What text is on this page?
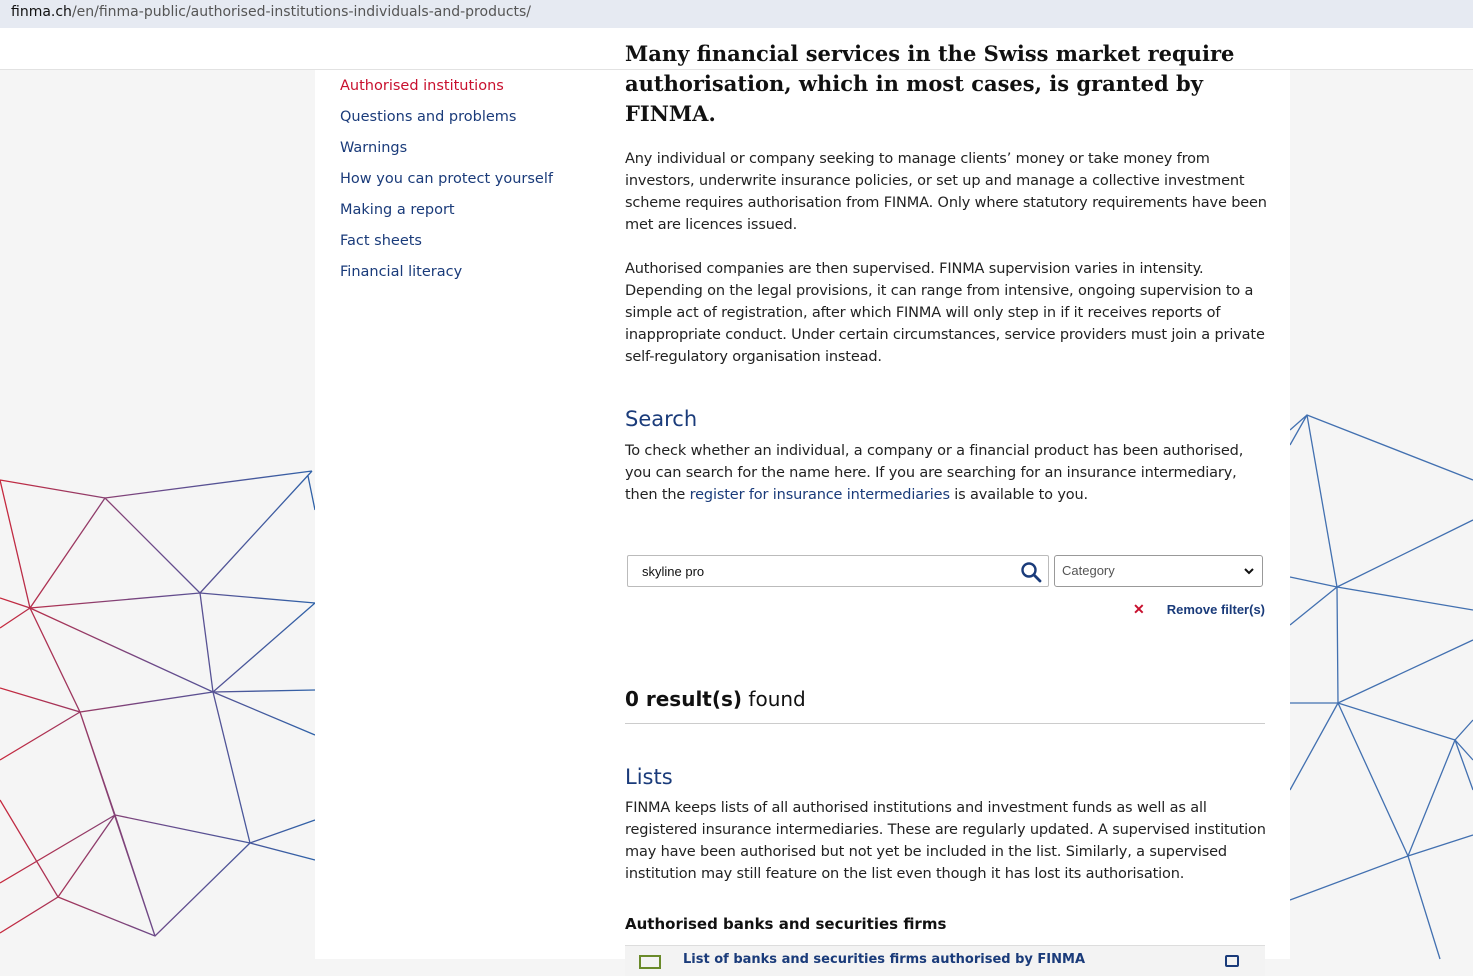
finma.ch/en/finma-public/authorised-institutions-individuals-and-products/
Authorised institutions
Questions and problems
Warnings
How you can protect yourself
Making a report
Fact sheets
Financial literacy
Many financial services in the Swiss market require
authorisation, which in most cases, is granted by FINMA.

Any individual or company seeking to manage clients’ money or take money from investors, underwrite insurance policies, or set up and manage a collective investment scheme requires authorisation from FINMA. Only where statutory requirements have been met are licences issued.

Authorised companies are then supervised. FINMA supervision varies in intensity. Depending on the legal provisions, it can range from intensive, ongoing supervision to a simple act of registration, after which FINMA will only step in if it receives reports of inappropriate conduct. Under certain circumstances, service providers must join a private self-regulatory organisation instead.

Search

To check whether an individual, a company or a financial product has been authorised, you can search for the name here. If you are searching for an insurance intermediary, then the register for insurance intermediaries is available to you.

skyline pro
Category
✕ Remove filter(s)
0 result(s) found
Lists

FINMA keeps lists of all authorised institutions and investment funds as well as all registered insurance intermediaries. These are regularly updated. A supervised institution may have been authorised but not yet be included in the list. Similarly, a supervised institution may still feature on the list even though it has lost its authorisation.

Authorised banks and securities firms
List of banks and securities firms authorised by FINMA
